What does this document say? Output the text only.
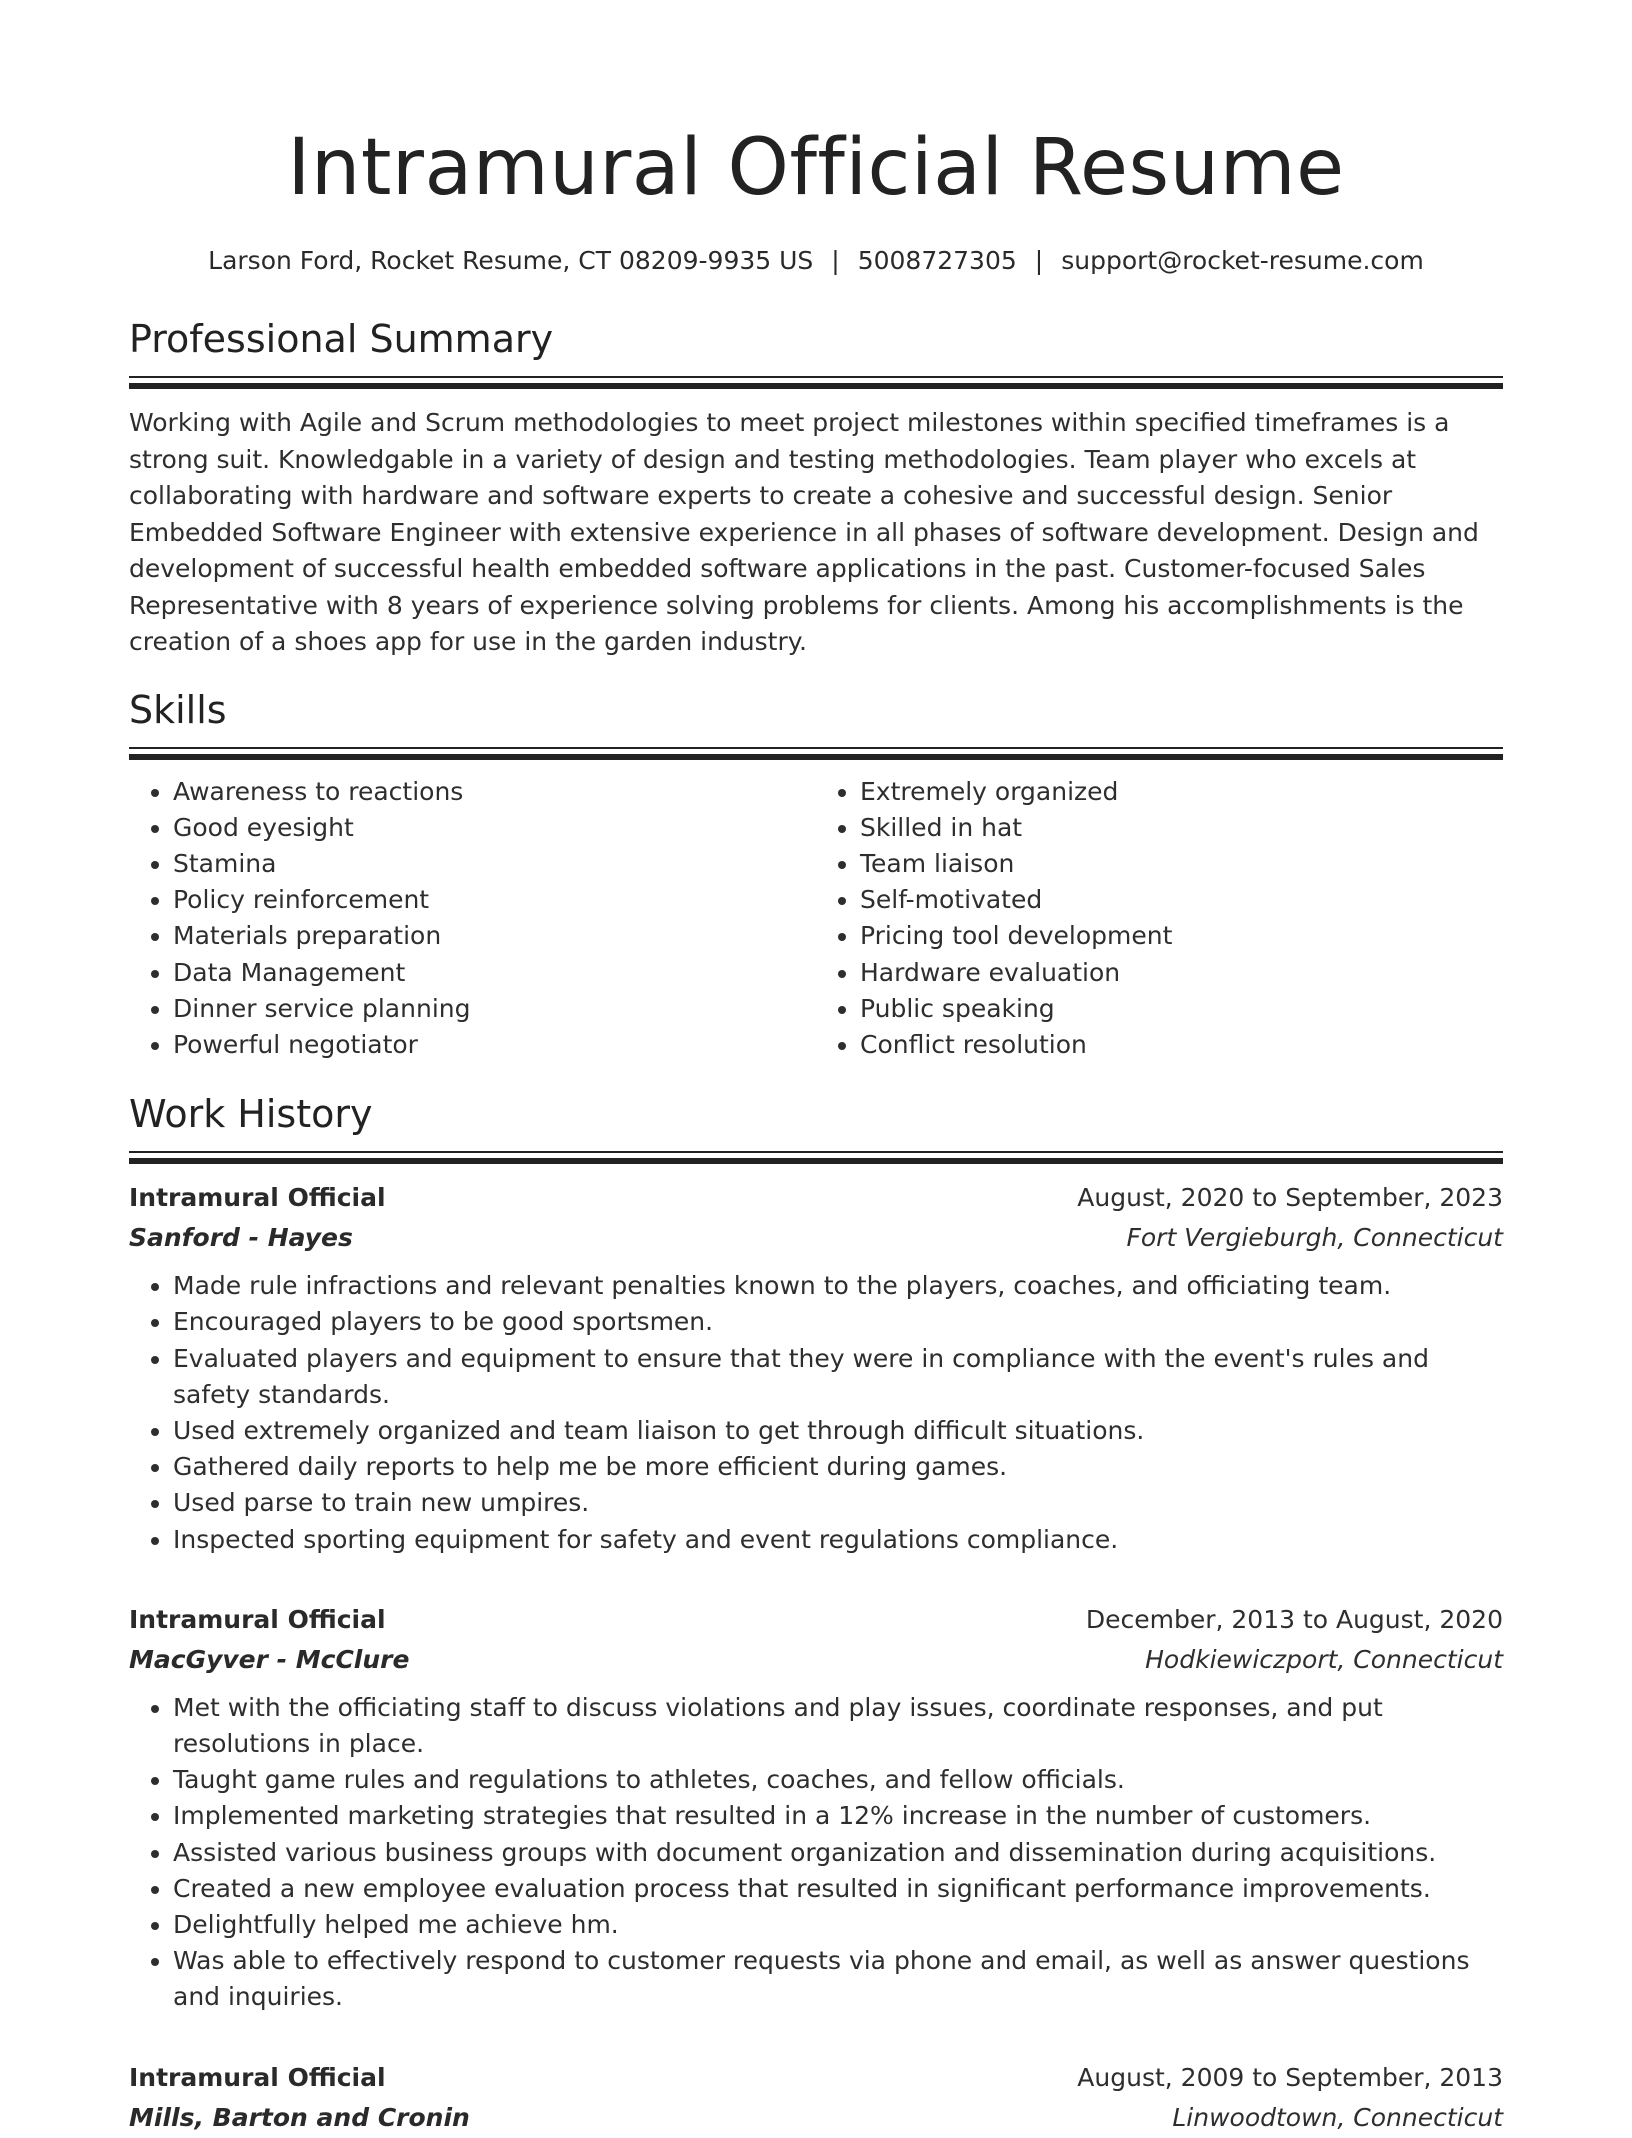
Intramural Official Resume
Larson Ford, Rocket Resume, CT 08209-9935 US | 5008727305 | support@rocket-resume.com
Professional Summary

Working with Agile and Scrum methodologies to meet project milestones within specified timeframes is a strong suit. Knowledgable in a variety of design and testing methodologies. Team player who excels at collaborating with hardware and software experts to create a cohesive and successful design. Senior Embedded Software Engineer with extensive experience in all phases of software development. Design and development of successful health embedded software applications in the past. Customer-focused Sales Representative with 8 years of experience solving problems for clients. Among his accomplishments is the creation of a shoes app for use in the garden industry.

Skills
• Awareness to reactions
• Good eyesight
• Stamina
• Policy reinforcement
• Materials preparation
• Data Management
• Dinner service planning
• Powerful negotiator
• Extremely organized
• Skilled in hat
• Team liaison
• Self-motivated
• Pricing tool development
• Hardware evaluation
• Public speaking
• Conflict resolution
Work History
Intramural Official	August, 2020 to September, 2023
Sanford - Hayes	Fort Vergieburgh, Connecticut
• Made rule infractions and relevant penalties known to the players, coaches, and officiating team.
• Encouraged players to be good sportsmen.
• Evaluated players and equipment to ensure that they were in compliance with the event's rules and safety standards.
• Used extremely organized and team liaison to get through difficult situations.
• Gathered daily reports to help me be more efficient during games.
• Used parse to train new umpires.
• Inspected sporting equipment for safety and event regulations compliance.
Intramural Official	December, 2013 to August, 2020
MacGyver - McClure	Hodkiewiczport, Connecticut
• Met with the officiating staff to discuss violations and play issues, coordinate responses, and put resolutions in place.
• Taught game rules and regulations to athletes, coaches, and fellow officials.
• Implemented marketing strategies that resulted in a 12% increase in the number of customers.
• Assisted various business groups with document organization and dissemination during acquisitions.
• Created a new employee evaluation process that resulted in significant performance improvements.
• Delightfully helped me achieve hm.
• Was able to effectively respond to customer requests via phone and email, as well as answer questions and inquiries.
Intramural Official	August, 2009 to September, 2013
Mills, Barton and Cronin	Linwoodtown, Connecticut
